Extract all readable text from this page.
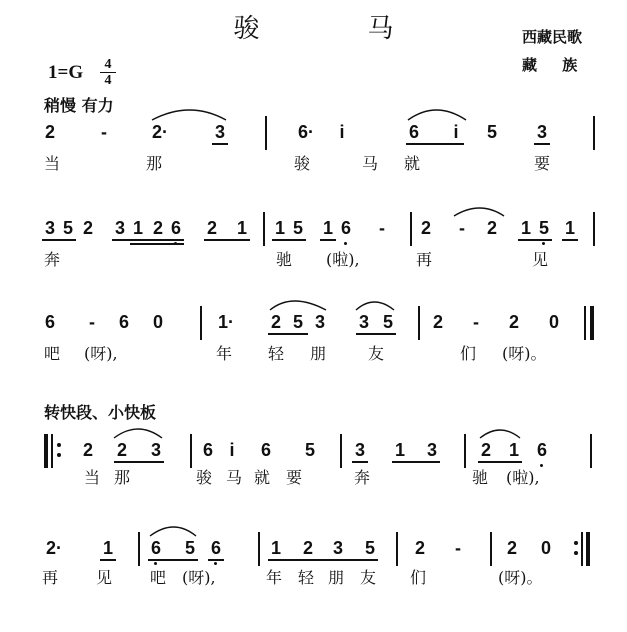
骏马	西藏民歌
藏 族
1=G	4
4
稍慢 有力
转快段、小快板
2	- 2·	3	6·	i	6	i	5 3
当	那	骏	马 就	要
3 5 2 3 1 2 6 2 1 1 5 1 6 - 2 - 2 1 5 1
奔	驰 (啦),	再	见
6 - 6 0	1· 2 5 3 3 5 2 - 2 0
吧 (呀),	年 轻 朋	友	们 (呀)。
2 2 3 6 i	6 5 3 1 3 2 1 6
当 那	骏 马 就 要	奔	驰 (啦),
2· 1 6 5 6	1 2 3 5 2 -	2 0
再 见 吧 (呀),	年 轻 朋 友 们	(呀)。
